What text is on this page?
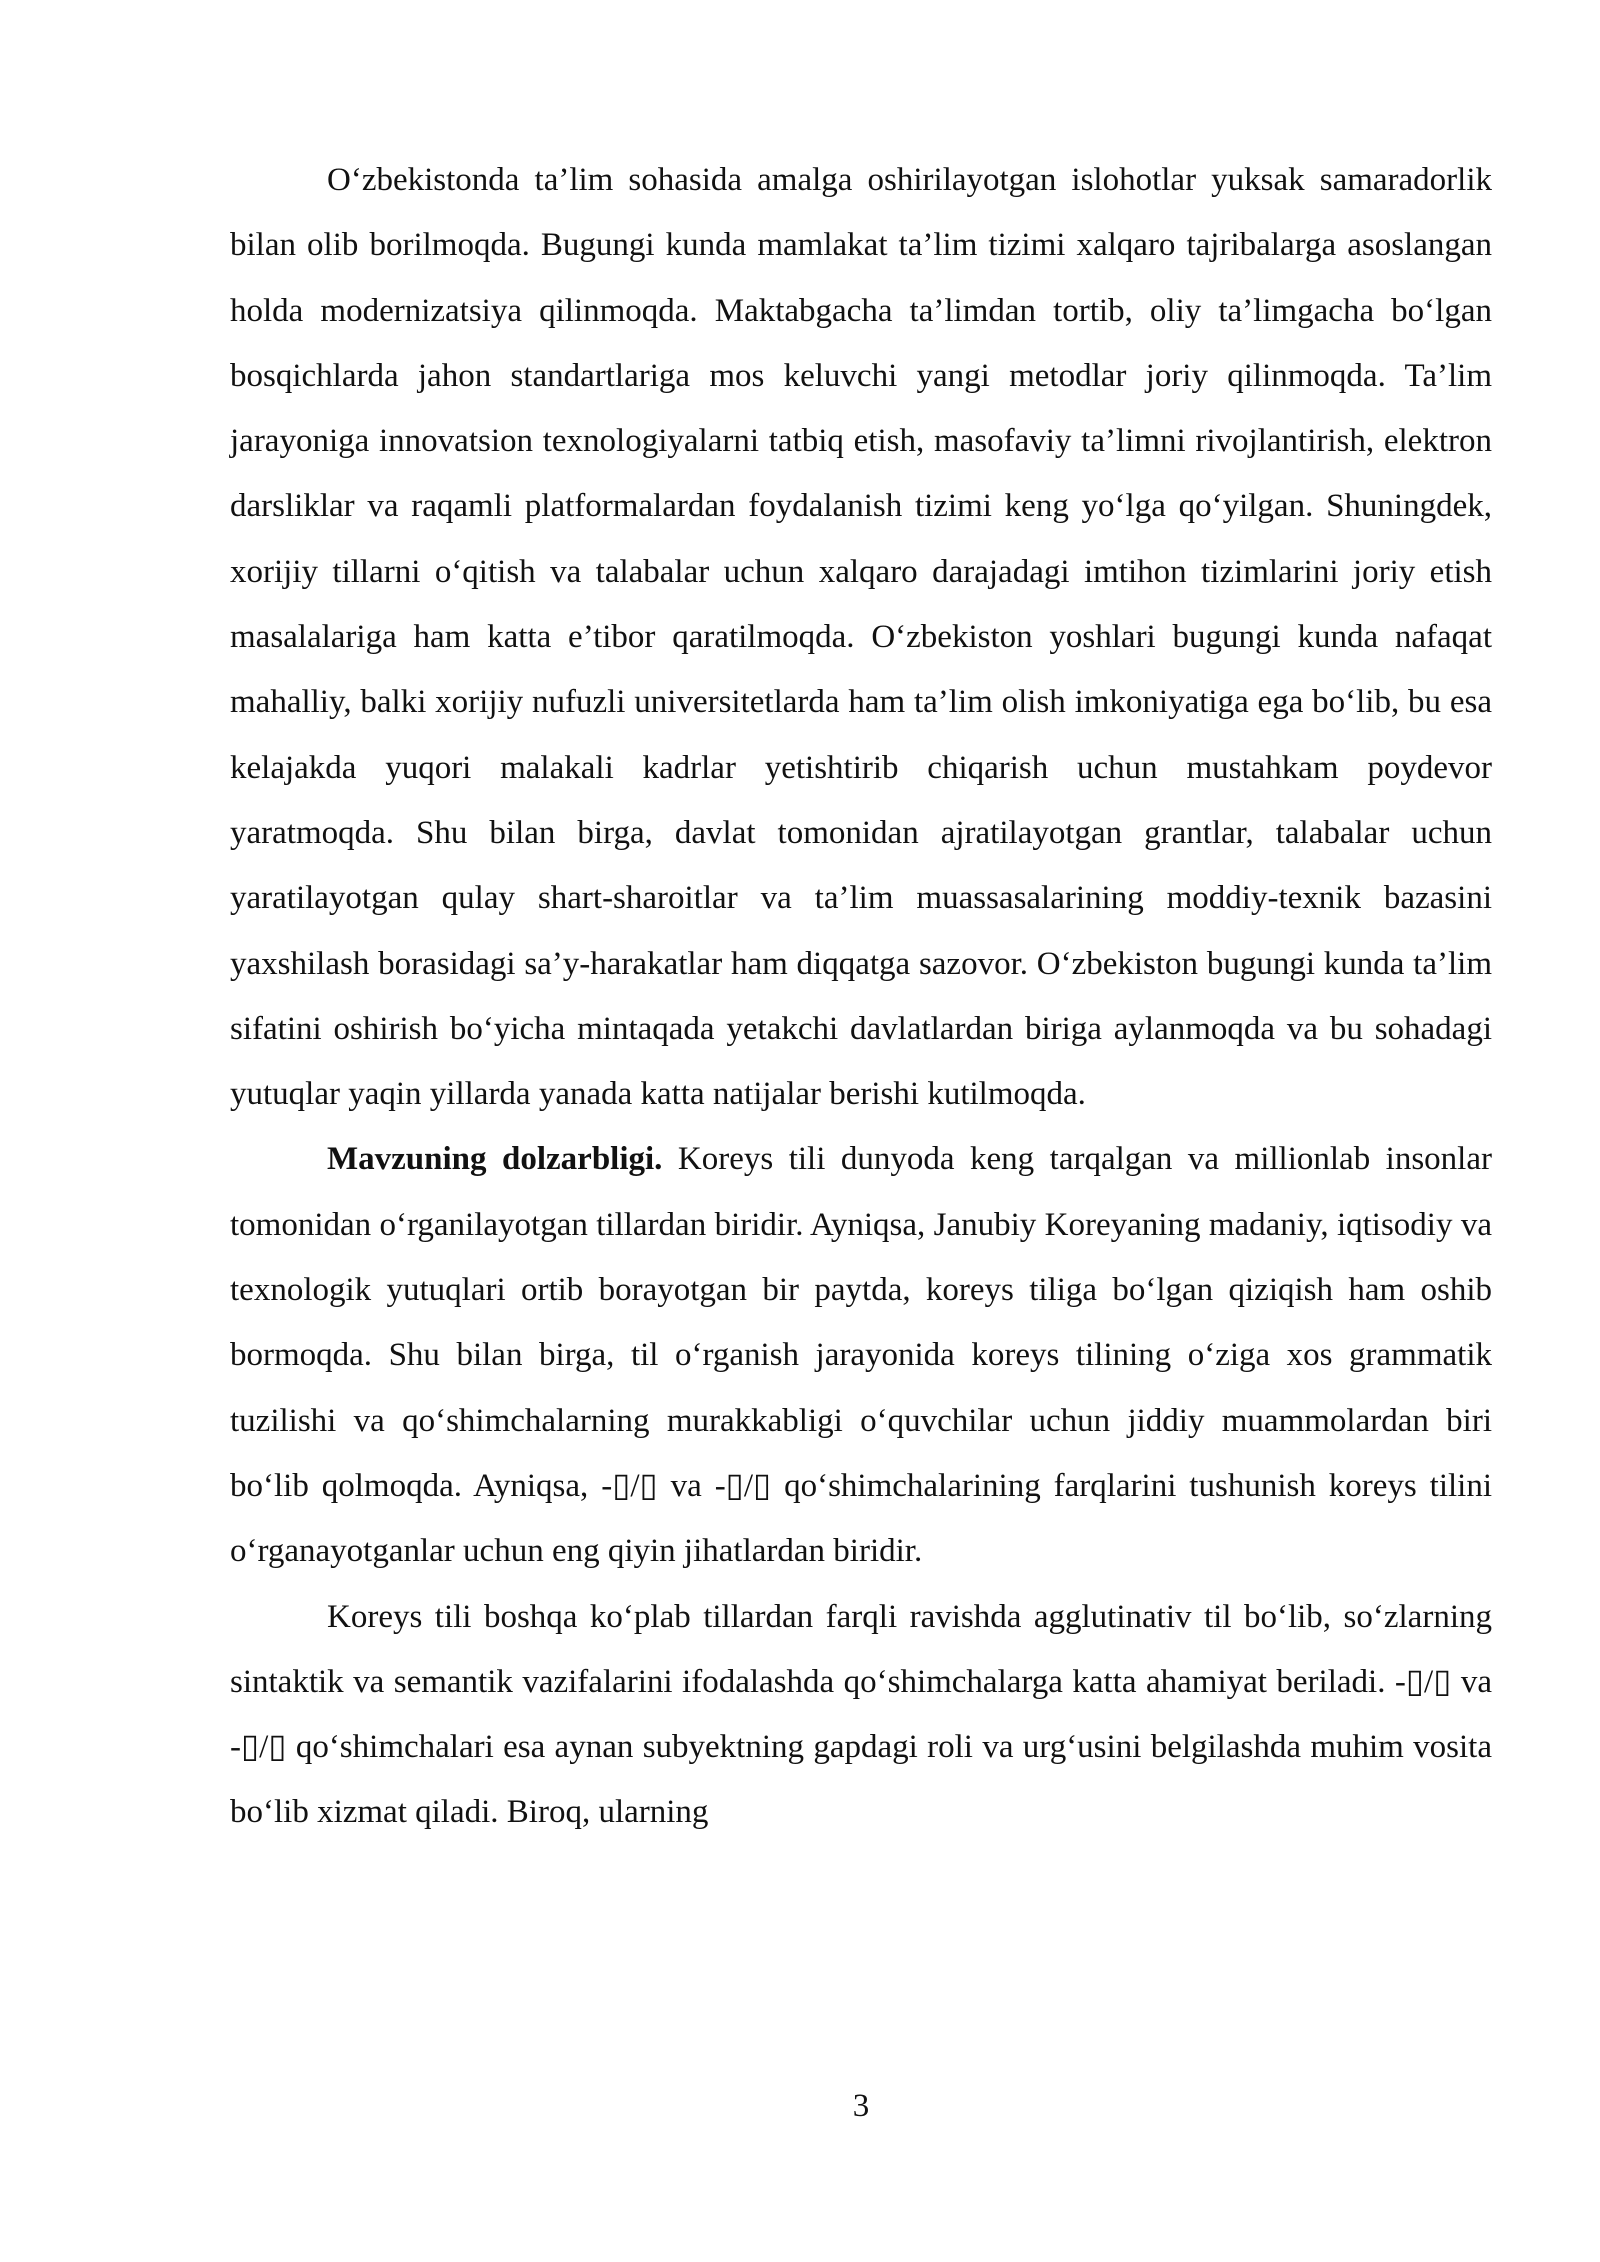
O‘zbekistonda ta’lim sohasida amalga oshirilayotgan islohotlar yuksak samaradorlik bilan olib borilmoqda. Bugungi kunda mamlakat ta’lim tizimi xalqaro tajribalarga asoslangan holda modernizatsiya qilinmoqda. Maktabgacha ta’limdan tortib, oliy ta’limgacha bo‘lgan bosqichlarda jahon standartlariga mos keluvchi yangi metodlar joriy qilinmoqda. Ta’lim jarayoniga innovatsion texnologiyalarni tatbiq etish, masofaviy ta’limni rivojlantirish, elektron darsliklar va raqamli platformalardan foydalanish tizimi keng yo‘lga qo‘yilgan. Shuningdek, xorijiy tillarni o‘qitish va talabalar uchun xalqaro darajadagi imtihon tizimlarini joriy etish masalalariga ham katta e’tibor qaratilmoqda. O‘zbekiston yoshlari bugungi kunda nafaqat mahalliy, balki xorijiy nufuzli universitetlarda ham ta’lim olish imkoniyatiga ega bo‘lib, bu esa kelajakda yuqori malakali kadrlar yetishtirib chiqarish uchun mustahkam poydevor yaratmoqda. Shu bilan birga, davlat tomonidan ajratilayotgan grantlar, talabalar uchun yaratilayotgan qulay shart-sharoitlar va ta’lim muassasalarining moddiy-texnik bazasini yaxshilash borasidagi sa’y-harakatlar ham diqqatga sazovor. O‘zbekiston bugungi kunda ta’lim sifatini oshirish bo‘yicha mintaqada yetakchi davlatlardan biriga aylanmoqda va bu sohadagi yutuqlar yaqin yillarda yanada katta natijalar berishi kutilmoqda.

Mavzuning dolzarbligi. Koreys tili dunyoda keng tarqalgan va millionlab insonlar tomonidan o‘rganilayotgan tillardan biridir. Ayniqsa, Janubiy Koreyaning madaniy, iqtisodiy va texnologik yutuqlari ortib borayotgan bir paytda, koreys tiliga bo‘lgan qiziqish ham oshib bormoqda. Shu bilan birga, til o‘rganish jarayonida koreys tilining o‘ziga xos grammatik tuzilishi va qo‘shimchalarning murakkabligi o‘quvchilar uchun jiddiy muammolardan biri bo‘lib qolmoqda. Ayniqsa, -▯/▯ va -▯/▯ qo‘shimchalarining farqlarini tushunish koreys tilini o‘rganayotganlar uchun eng qiyin jihatlardan biridir.

Koreys tili boshqa ko‘plab tillardan farqli ravishda agglutinativ til bo‘lib, so‘zlarning sintaktik va semantik vazifalarini ifodalashda qo‘shimchalarga katta ahamiyat beriladi. -▯/▯ va -▯/▯ qo‘shimchalari esa aynan subyektning gapdagi roli va urg‘usini belgilashda muhim vosita bo‘lib xizmat qiladi. Biroq, ularning

3
